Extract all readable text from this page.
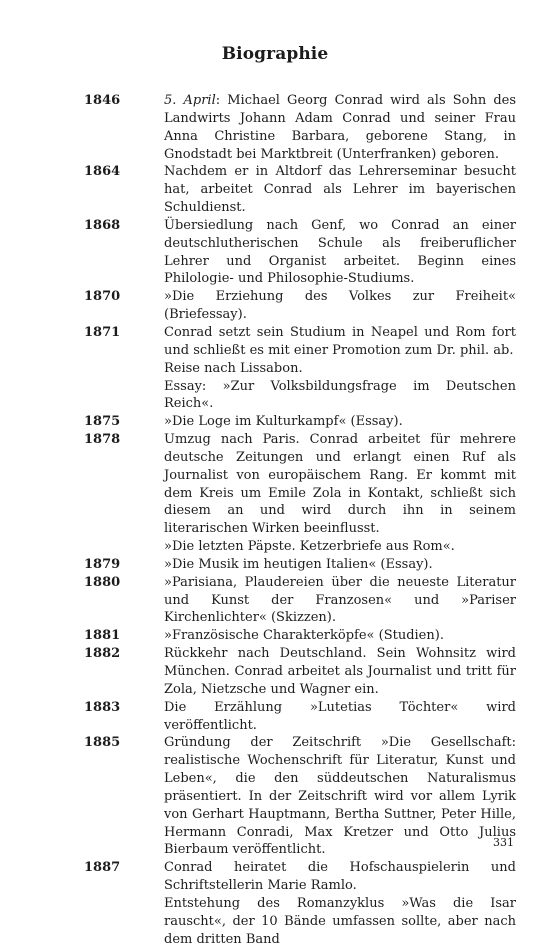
Biographie
1846	5. April: Michael Georg Conrad wird als Sohn des Landwirts Johann Adam Conrad und seiner Frau Anna Christine Barbara, geborene Stang, in Gnodstadt bei Marktbreit (Unterfranken) geboren.
1864	Nachdem er in Altdorf das Lehrerseminar besucht hat, arbeitet Conrad als Lehrer im bayerischen Schuldienst.
1868	Übersiedlung nach Genf, wo Conrad an einer deutschlutherischen Schule als freiberuflicher Lehrer und Organist arbeitet. Beginn eines Philologie- und Philosophie-Studiums.
1870	»Die Erziehung des Volkes zur Freiheit« (Briefessay).
1871	Conrad setzt sein Studium in Neapel und Rom fort und schließt es mit einer Promotion zum Dr. phil. ab.
Reise nach Lissabon.
Essay: »Zur Volksbildungsfrage im Deutschen Reich«.
1875	»Die Loge im Kulturkampf« (Essay).
1878	Umzug nach Paris. Conrad arbeitet für mehrere deutsche Zeitungen und erlangt einen Ruf als Journalist von europäischem Rang. Er kommt mit dem Kreis um Emile Zola in Kontakt, schließt sich diesem an und wird durch ihn in seinem literarischen Wirken beeinflusst.
»Die letzten Päpste. Ketzerbriefe aus Rom«.
1879	»Die Musik im heutigen Italien« (Essay).
1880	»Parisiana, Plaudereien über die neueste Literatur und Kunst der Franzosen« und »Pariser Kirchenlichter« (Skizzen).
1881	»Französische Charakterköpfe« (Studien).
1882	Rückkehr nach Deutschland. Sein Wohnsitz wird München. Conrad arbeitet als Journalist und tritt für Zola, Nietzsche und Wagner ein.
1883	Die Erzählung »Lutetias Töchter« wird veröffentlicht.
1885	Gründung der Zeitschrift »Die Gesellschaft: realistische Wochenschrift für Literatur, Kunst und Leben«, die den süddeutschen Naturalismus präsentiert. In der Zeitschrift wird vor allem Lyrik von Gerhart Hauptmann, Bertha Suttner, Peter Hille, Hermann Conradi, Max Kretzer und Otto Julius Bierbaum veröffentlicht.
1887	Conrad heiratet die Hofschauspielerin und Schriftstellerin Marie Ramlo.
Entstehung des Romanzyklus »Was die Isar rauscht«, der 10 Bände umfassen sollte, aber nach dem dritten Band
331
